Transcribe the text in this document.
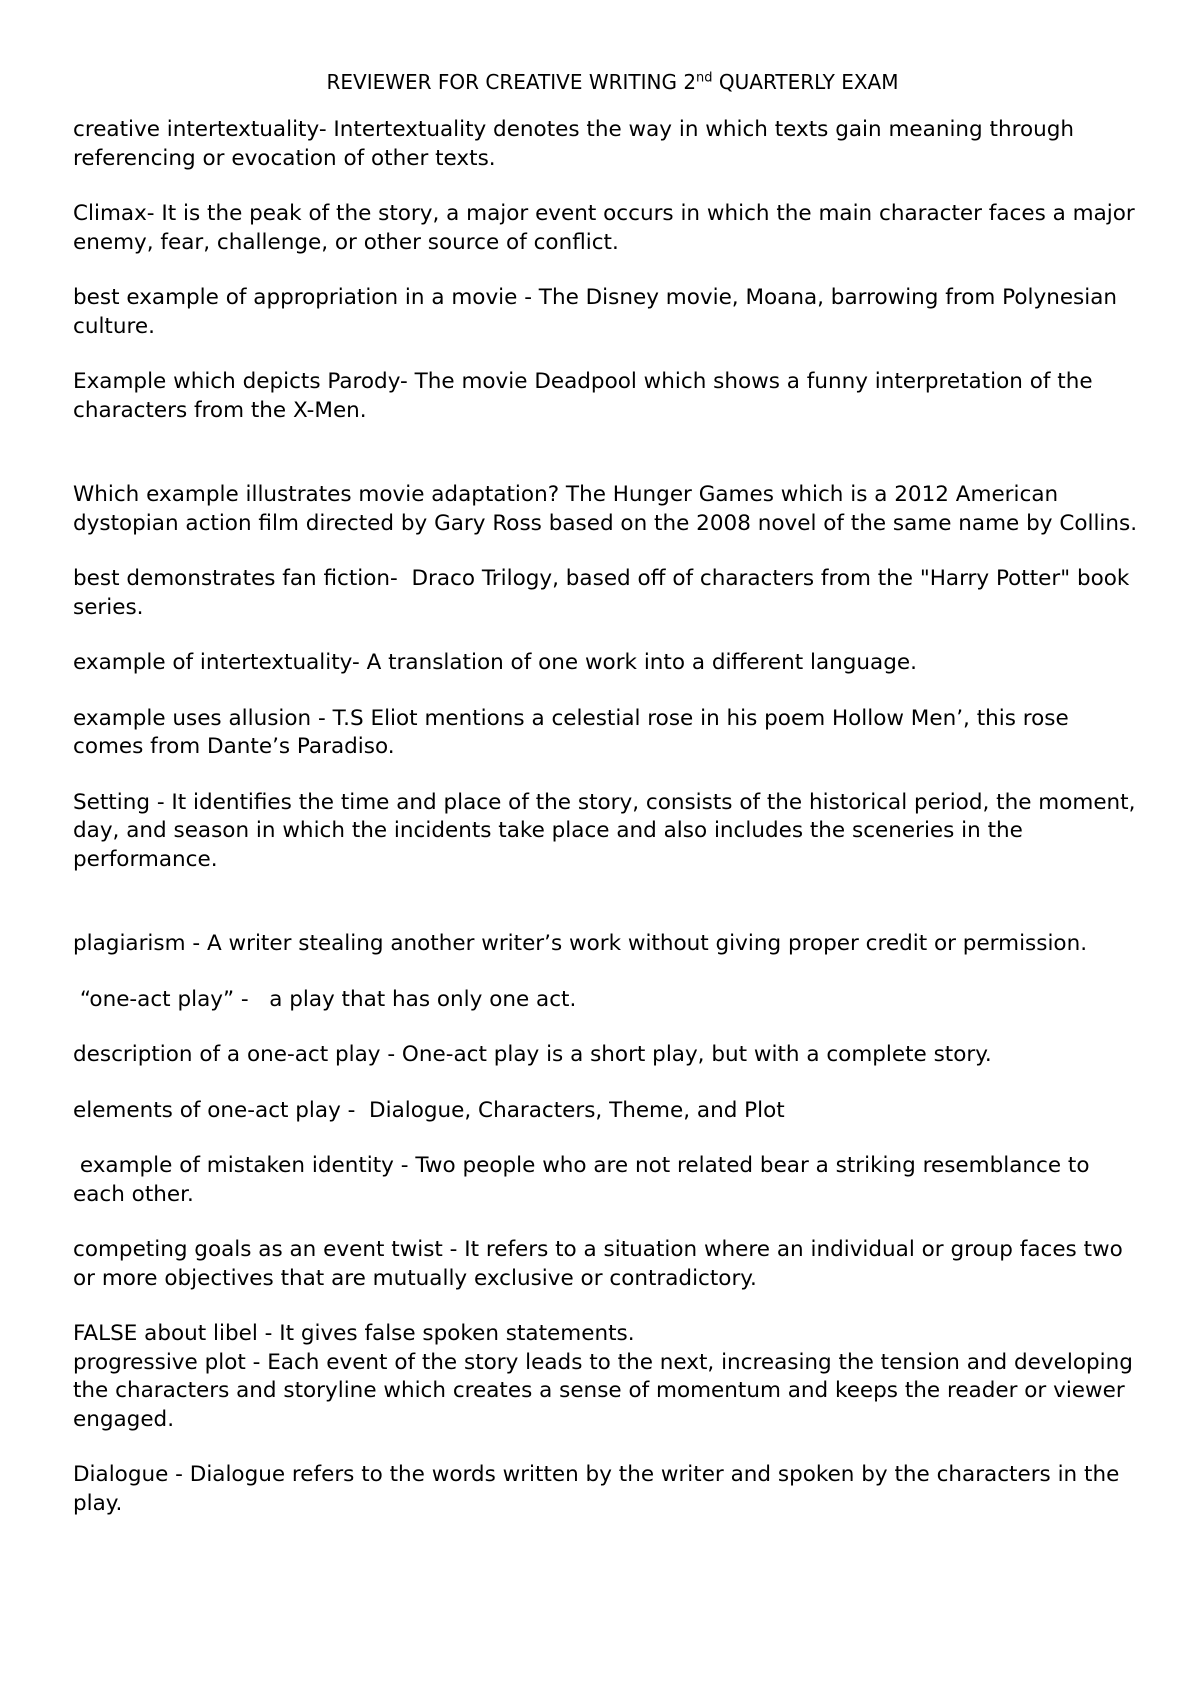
REVIEWER FOR CREATIVE WRITING 2nd QUARTERLY EXAM

creative intertextuality- Intertextuality denotes the way in which texts gain meaning through referencing or evocation of other texts.

Climax- It is the peak of the story, a major event occurs in which the main character faces a major enemy, fear, challenge, or other source of conflict.

best example of appropriation in a movie - The Disney movie, Moana, barrowing from Polynesian culture.

Example which depicts Parody- The movie Deadpool which shows a funny interpretation of the characters from the X-Men.

Which example illustrates movie adaptation? The Hunger Games which is a 2012 American dystopian action film directed by Gary Ross based on the 2008 novel of the same name by Collins.

best demonstrates fan fiction-  Draco Trilogy, based off of characters from the "Harry Potter" book series.

example of intertextuality- A translation of one work into a different language.

example uses allusion - T.S Eliot mentions a celestial rose in his poem Hollow Men’, this rose comes from Dante’s Paradiso.

Setting - It identifies the time and place of the story, consists of the historical period, the moment, day, and season in which the incidents take place and also includes the sceneries in the performance.

plagiarism - A writer stealing another writer’s work without giving proper credit or permission.

“one-act play” -   a play that has only one act.

description of a one-act play - One-act play is a short play, but with a complete story.

elements of one-act play -  Dialogue, Characters, Theme, and Plot

example of mistaken identity - Two people who are not related bear a striking resemblance to each other.

competing goals as an event twist - It refers to a situation where an individual or group faces two or more objectives that are mutually exclusive or contradictory.

FALSE about libel - It gives false spoken statements.

progressive plot - Each event of the story leads to the next, increasing the tension and developing the characters and storyline which creates a sense of momentum and keeps the reader or viewer engaged.

Dialogue - Dialogue refers to the words written by the writer and spoken by the characters in the play.
